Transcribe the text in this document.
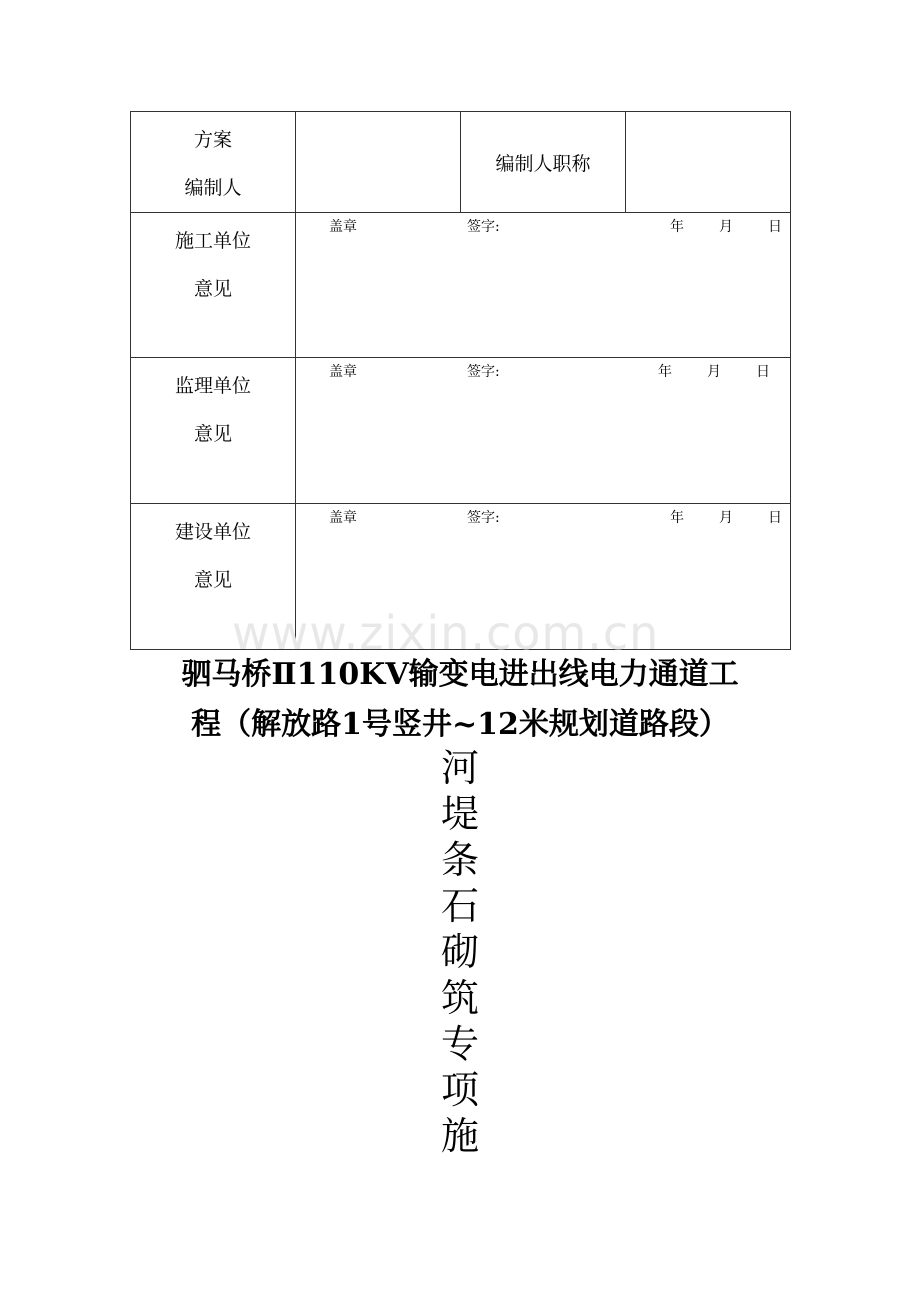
方案
编制人		编制人职称	

施工单位
意见	盖章 签字: 年 月 日		

监理单位
意见	盖章 签字: 年 月 日		

建设单位
意见	盖章 签字: 年 月 日		
www.zixin.com.cn
驷马桥Ⅱ110KV输变电进出线电力通道工
程（解放路1号竖井~12米规划道路段）
河
堤
条
石
砌
筑
专
项
施
